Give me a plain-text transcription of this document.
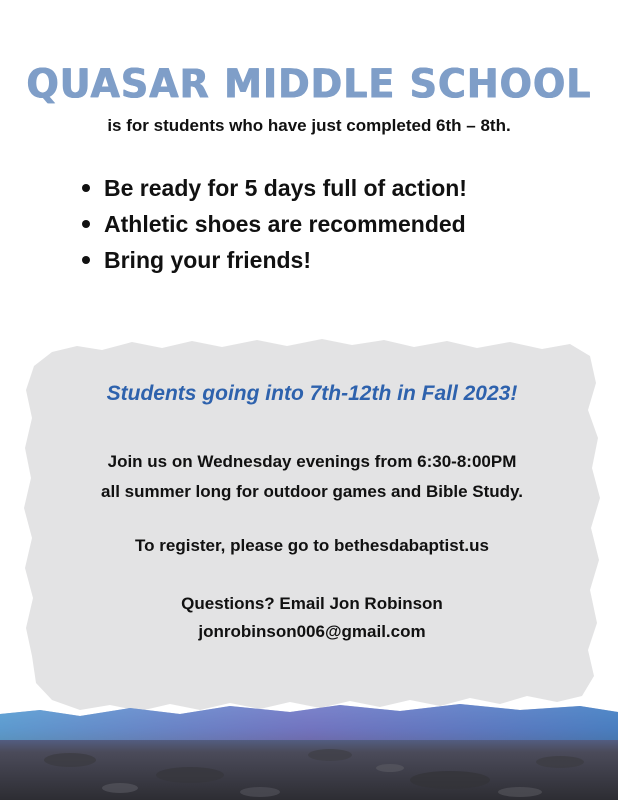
QUASAR MIDDLE SCHOOL
is for students who have just completed 6th – 8th.
Be ready for 5 days full of action!
Athletic shoes are recommended
Bring your friends!
Students going into 7th-12th in Fall 2023!
Join us on Wednesday evenings from 6:30-8:00PM
all summer long for outdoor games and Bible Study.
To register, please go to bethesdabaptist.us
Questions? Email Jon Robinson
jonrobinson006@gmail.com
